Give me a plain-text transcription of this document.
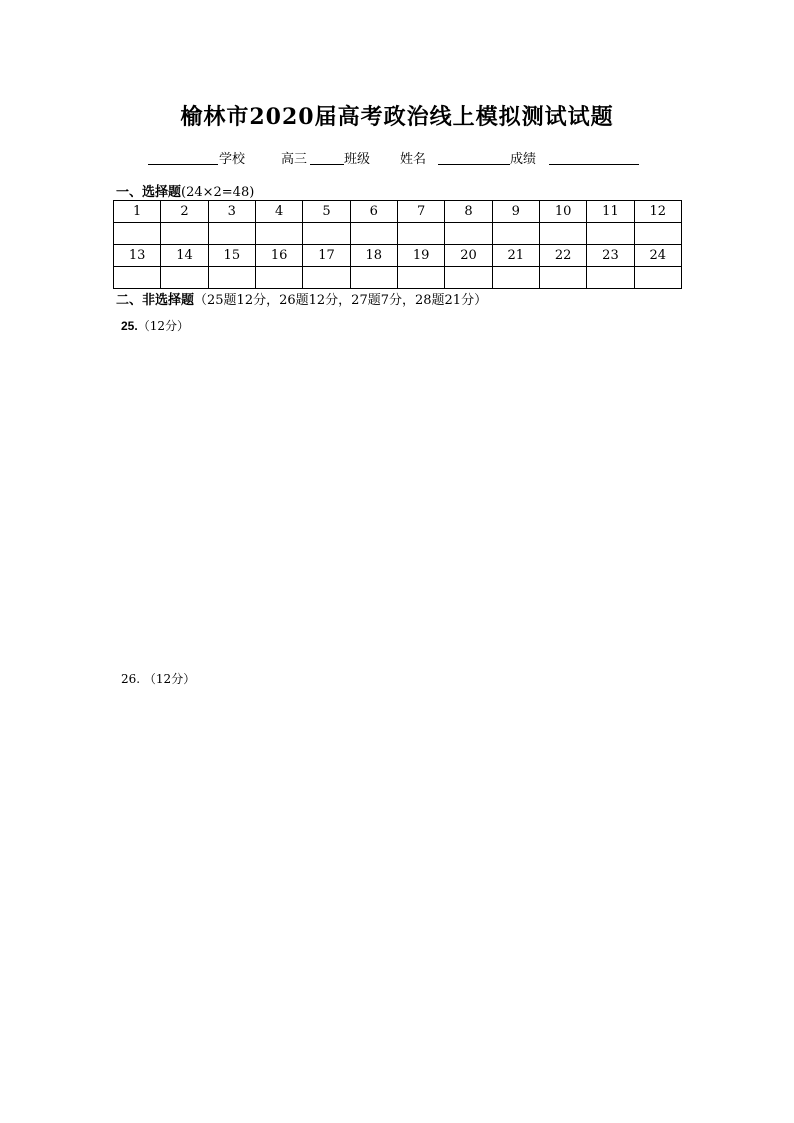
榆林市2020届高考政治线上模拟测试试题
学校	高三	班级 姓名	成绩
一、选择题(24×2=48)
1	2	3	4	5	6	7	8	9	10	11	12

13	14	15	16	17	18	19	20	21	22	23	24

二、非选择题（25题12分，26题12分，27题7分，28题21分）
25.（12分）
26. （12分）
